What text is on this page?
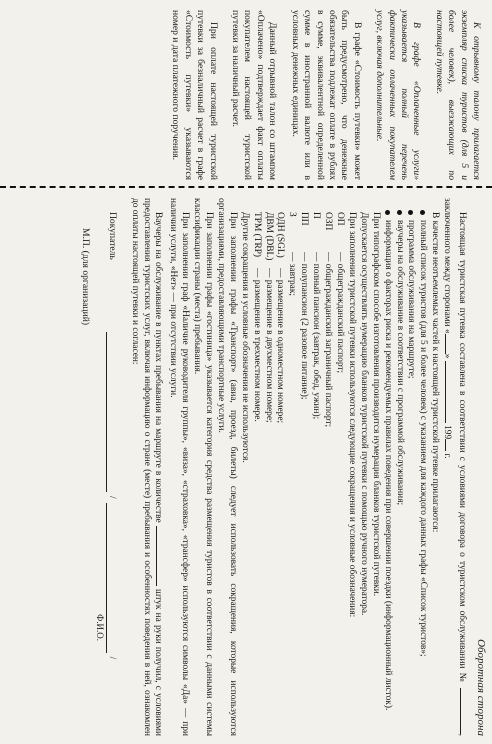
К отрывному талону прилагается экземпляр списка туристов (для 5 и более человек), выезжающих по настоящей путевке.

В графе «Оплаченные услуги» указывается полный перечень фактически оплаченных покупателем услуг, включая дополнительные.

В графе «Стоимость путевки» может быть предусмотрено, что денежные обязательства подлежат оплате в рублях в сумме, эквивалентной определенной сумме в иностранной валюте или в условных денежных единицах.

Данный отрывной талон со штампом «Оплачено» подтверждает факт оплаты покупателем настоящей туристской путевки за наличный расчет.

При оплате настоящей туристской путевки за безналичный расчет в графе «Стоимость путевки» указываются номер и дата платежного поручения.

Оборотная сторона

Настоящая туристская путевка составлена в соответствии с условиями договора о туристском обслуживании № , заключенного между сторонами «»  199 г.

В качестве неотъемлемых частей к настоящей туристской путевке прилагаются:

полный список туристов (для 5 и более человек) с указанием для каждого данных графы «Список туристов»;
программа обслуживания на маршруте;
ваучеры на обслуживание в соответствии с программой обслуживания;
информация о факторах риска и рекомендуемых правилах поведения при совершении поездки (информационный листок).

При типографском способе изготовления производится нумерация бланков туристской путевки.

Допускается осуществлять нумерацию бланков туристской путевки с помощью ручного нумератора.

При заполнении туристской путевки используются следующие сокращения и условные обозначения:

ОП
— общегражданский паспорт;
ОЗП
— общегражданский заграничный паспорт;
П
— полный пансион (завтрак, обед, ужин);
ПП
— полупансион (2 разовое питание);
З
— завтрак;
ОДН (SGL)
— размещение в одноместном номере;
ДВМ (DBL)
— размещение в двухместном номере;
ТРМ (TRP)
— размещение в трехместном номере.

Другие сокращения и условные обозначения не используются.

При заполнении графы «Транспорт» (авиа, проезд, билеты) следует использовать сокращения, которые используются организациями, предоставляющими транспортные услуги.

При заполнении графы «гостиница» указывается категория средства размещения туристов в соответствии с данными системы классификации страны (места) пребывания.

При заполнении граф «Наличие руководителя группы», «виза», «страховка», «трансфер» используются символы «Да» — при наличии услуги, «Нет» — при отсутствии услуги.

Ваучеры на обслуживание в пунктах пребывания на маршруте в количестве  штук на руки получил, с условиями предоставления туристских услуг, включая информацию о стране (месте) пребывания и особенностях поведения в ней, ознакомлен до оплаты настоящей путевки и согласен:

Покупатель
/
/
Ф.И.О.
М.П. (для организаций)
